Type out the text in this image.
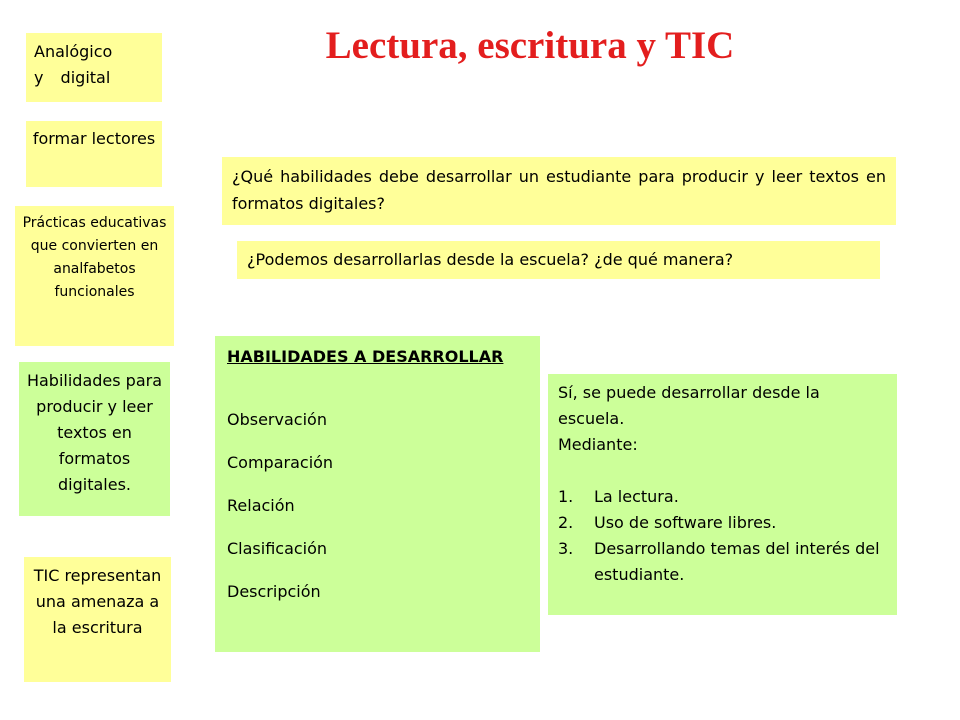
Lectura, escritura y TIC
Analógico
y digital
formar lectores
Prácticas educativas que convierten en analfabetos funcionales
Habilidades para producir y leer textos en formatos digitales.
TIC representan una amenaza a la escritura
¿Qué habilidades debe desarrollar un estudiante para producir y leer textos en formatos digitales?
¿Podemos desarrollarlas desde la escuela? ¿de qué manera?
HABILIDADES A DESARROLLAR
Observación
Comparación
Relación
Clasificación
Descripción

Sí, se puede desarrollar desde la escuela.

Mediante:

1.	La lectura.
2.	Uso de software libres.
3.	Desarrollando temas del interés del estudiante.
